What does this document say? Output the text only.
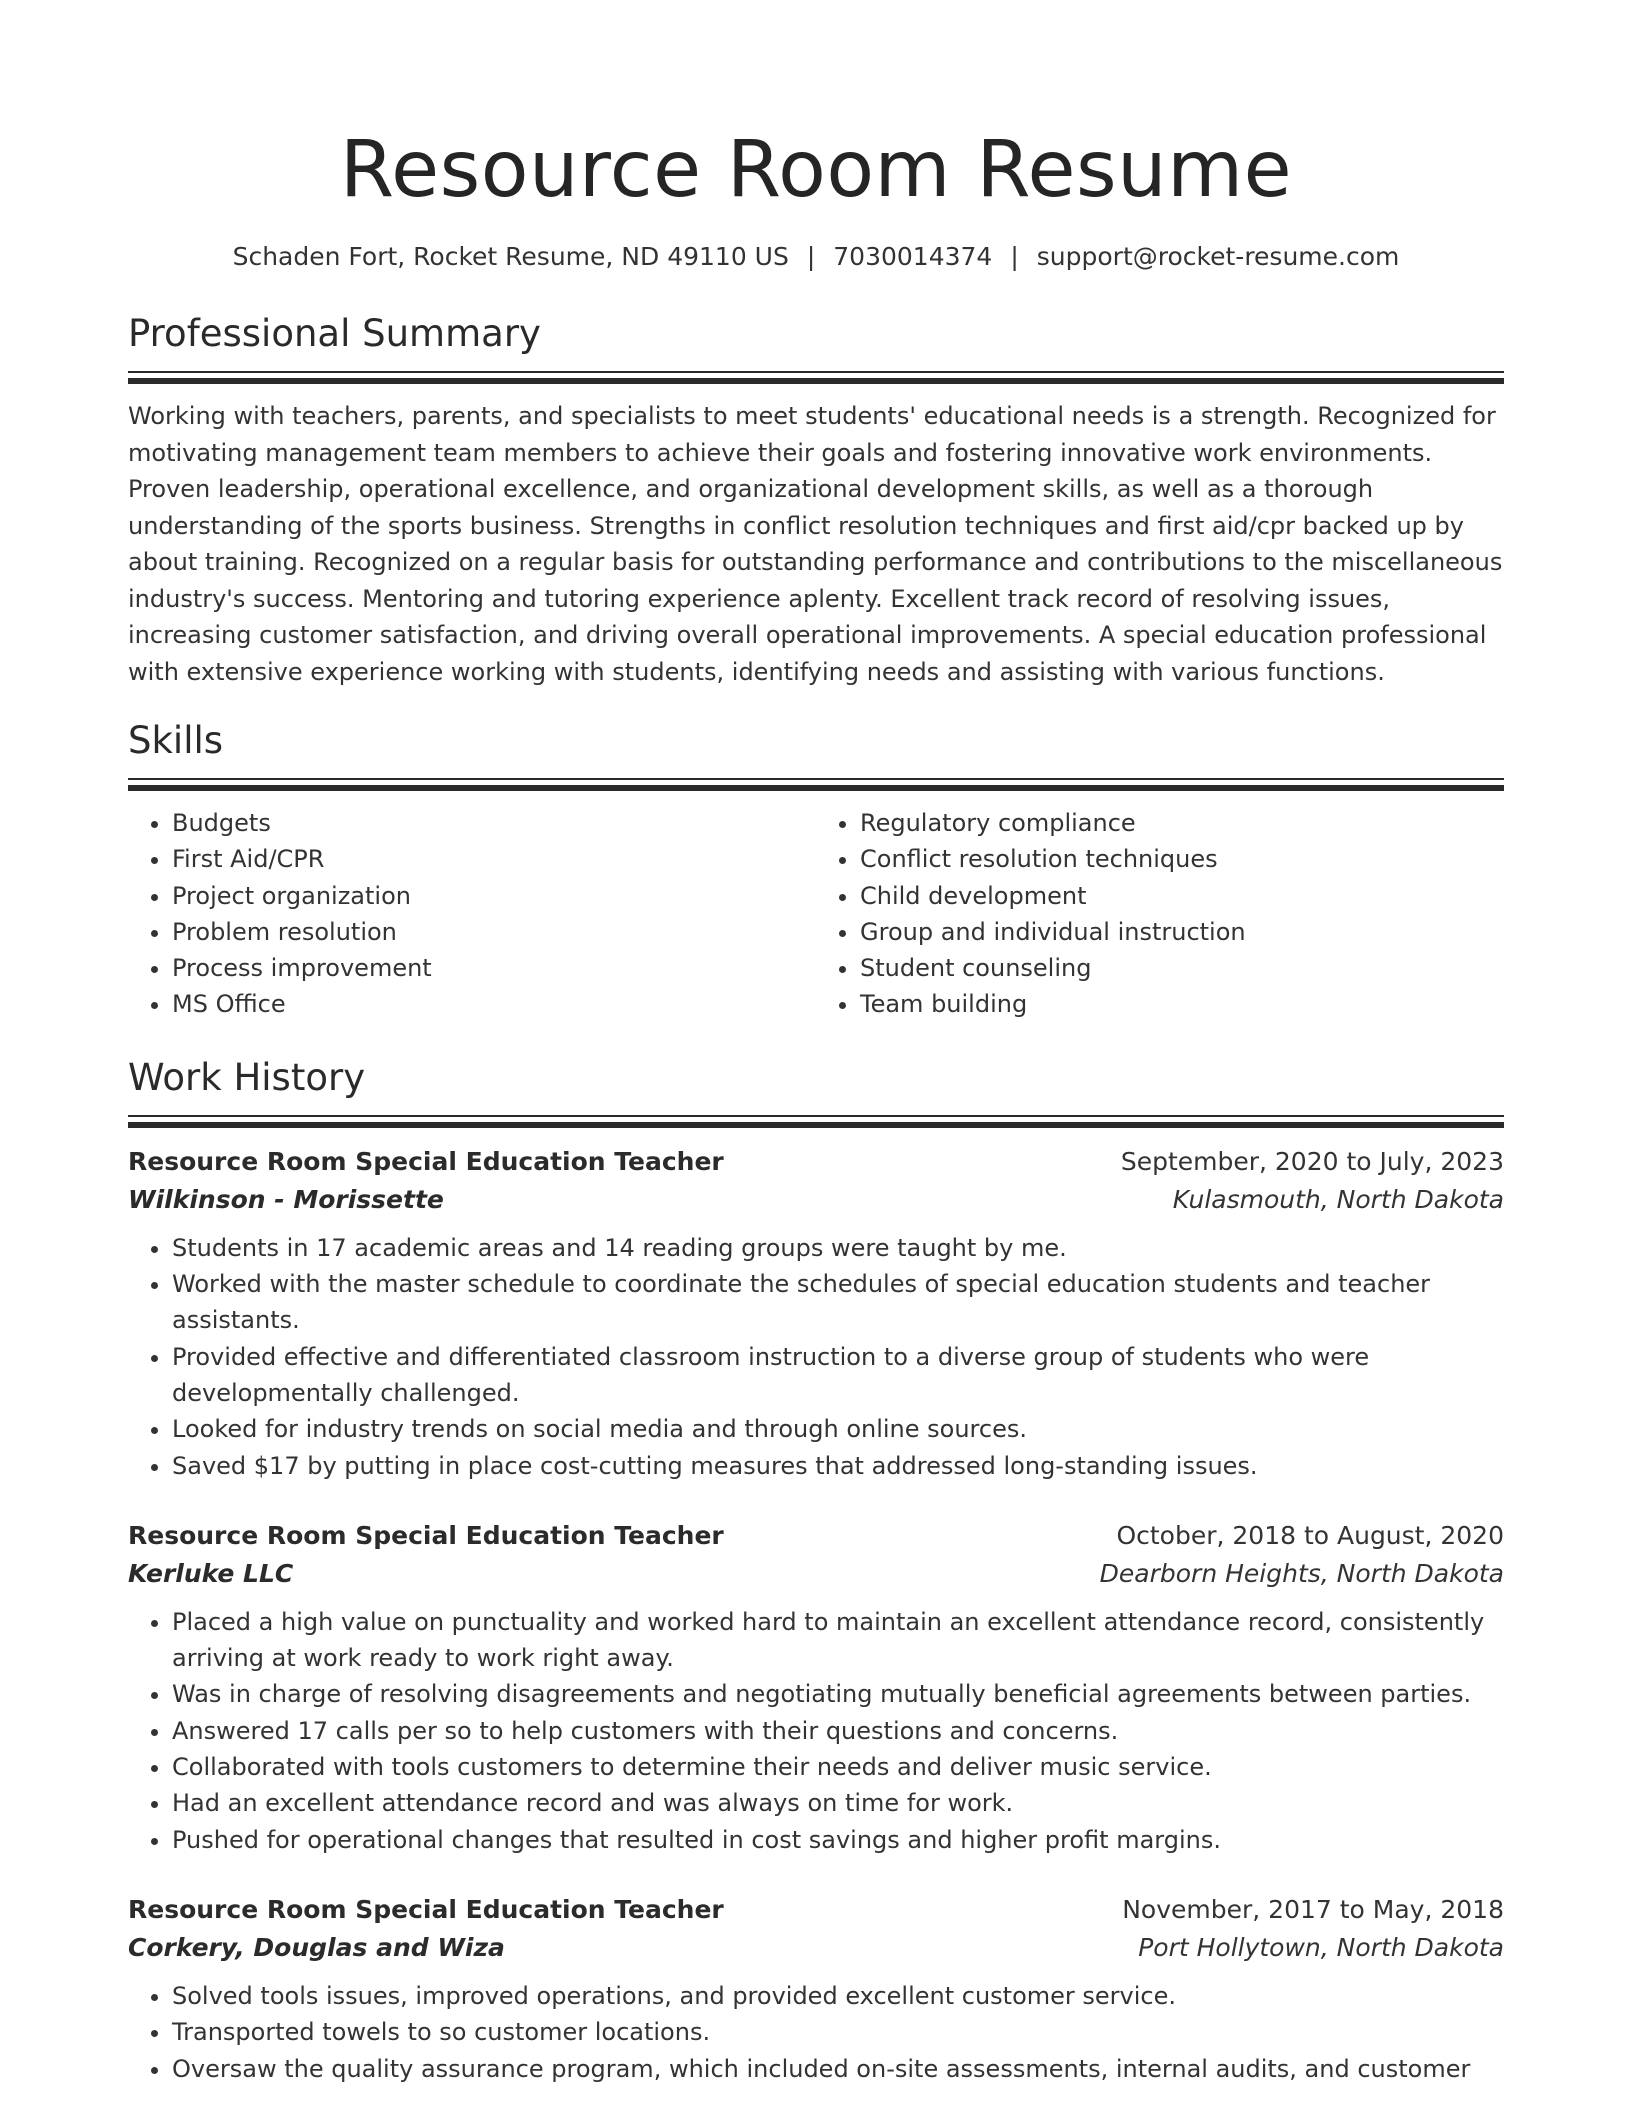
Resource Room Resume
Schaden Fort, Rocket Resume, ND 49110 US | 7030014374 | support@rocket-resume.com
Professional Summary

Working with teachers, parents, and specialists to meet students' educational needs is a strength. Recognized for motivating management team members to achieve their goals and fostering innovative work environments. Proven leadership, operational excellence, and organizational development skills, as well as a thorough understanding of the sports business. Strengths in conflict resolution techniques and first aid/cpr backed up by about training. Recognized on a regular basis for outstanding performance and contributions to the miscellaneous industry's success. Mentoring and tutoring experience aplenty. Excellent track record of resolving issues, increasing customer satisfaction, and driving overall operational improvements. A special education professional with extensive experience working with students, identifying needs and assisting with various functions.

Skills
• Budgets
• First Aid/CPR
• Project organization
• Problem resolution
• Process improvement
• MS Office
• Regulatory compliance
• Conflict resolution techniques
• Child development
• Group and individual instruction
• Student counseling
• Team building
Work History
Resource Room Special Education Teacher	September, 2020 to July, 2023
Wilkinson - Morissette	Kulasmouth, North Dakota
• Students in 17 academic areas and 14 reading groups were taught by me.
• Worked with the master schedule to coordinate the schedules of special education students and teacher assistants.
• Provided effective and differentiated classroom instruction to a diverse group of students who were developmentally challenged.
• Looked for industry trends on social media and through online sources.
• Saved $17 by putting in place cost-cutting measures that addressed long-standing issues.
Resource Room Special Education Teacher	October, 2018 to August, 2020
Kerluke LLC	Dearborn Heights, North Dakota
• Placed a high value on punctuality and worked hard to maintain an excellent attendance record, consistently arriving at work ready to work right away.
• Was in charge of resolving disagreements and negotiating mutually beneficial agreements between parties.
• Answered 17 calls per so to help customers with their questions and concerns.
• Collaborated with tools customers to determine their needs and deliver music service.
• Had an excellent attendance record and was always on time for work.
• Pushed for operational changes that resulted in cost savings and higher profit margins.
Resource Room Special Education Teacher	November, 2017 to May, 2018
Corkery, Douglas and Wiza	Port Hollytown, North Dakota
• Solved tools issues, improved operations, and provided excellent customer service.
• Transported towels to so customer locations.
• Oversaw the quality assurance program, which included on-site assessments, internal audits, and customer
